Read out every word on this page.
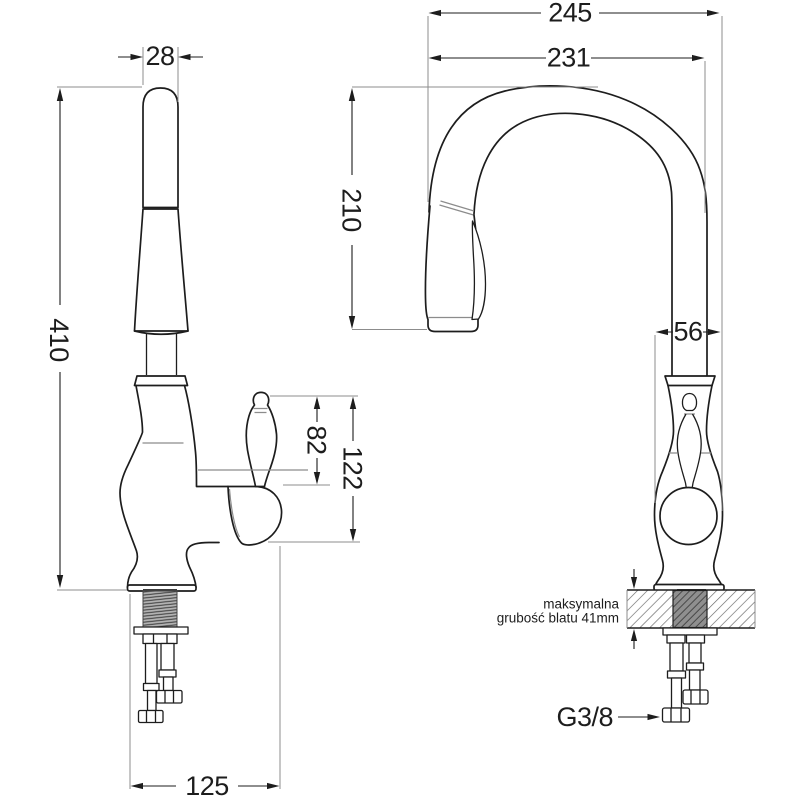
28
410
82
122
125
245
231
210
56
maksymalna
grubość blatu 41mm
G3/8
